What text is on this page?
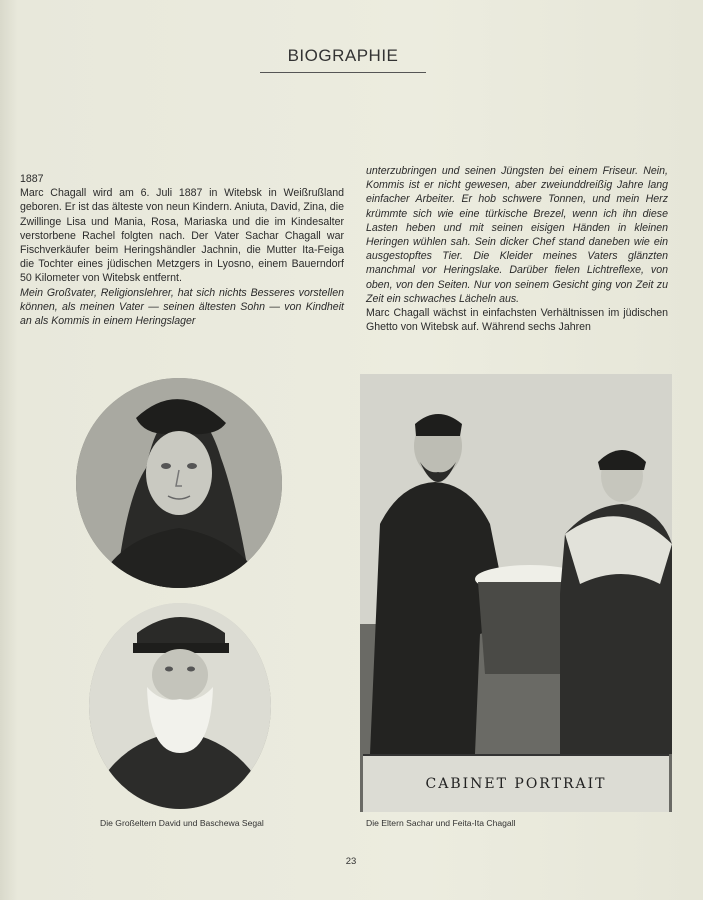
BIOGRAPHIE
1887

Marc Chagall wird am 6. Juli 1887 in Witebsk in Weißrußland geboren. Er ist das älteste von neun Kindern. Aniuta, David, Zina, die Zwillinge Lisa und Mania, Rosa, Mariaska und die im Kindesalter verstorbene Rachel folgten nach. Der Vater Sachar Chagall war Fischverkäufer beim Heringshändler Jachnin, die Mutter Ita-Feiga die Tochter eines jüdischen Metzgers in Lyosno, einem Bauerndorf 50 Kilometer von Witebsk entfernt.

Mein Großvater, Religionslehrer, hat sich nichts Besseres vorstellen können, als meinen Vater — seinen ältesten Sohn — von Kindheit an als Kommis in einem Heringslager

unterzubringen und seinen Jüngsten bei einem Friseur. Nein, Kommis ist er nicht gewesen, aber zweiunddreißig Jahre lang einfacher Arbeiter. Er hob schwere Tonnen, und mein Herz krümmte sich wie eine türkische Brezel, wenn ich ihn diese Lasten heben und mit seinen eisigen Händen in kleinen Heringen wühlen sah. Sein dicker Chef stand daneben wie ein ausgestopftes Tier. Die Kleider meines Vaters glänzten manchmal vor Heringslake. Darüber fielen Lichtreflexe, von oben, von den Seiten. Nur von seinem Gesicht ging von Zeit zu Zeit ein schwaches Lächeln aus.

Marc Chagall wächst in einfachsten Verhältnissen im jüdischen Ghetto von Witebsk auf. Während sechs Jahren

CABINET PORTRAIT
Die Großeltern David und Baschewa Segal	Die Eltern Sachar und Feita-Ita Chagall
23
